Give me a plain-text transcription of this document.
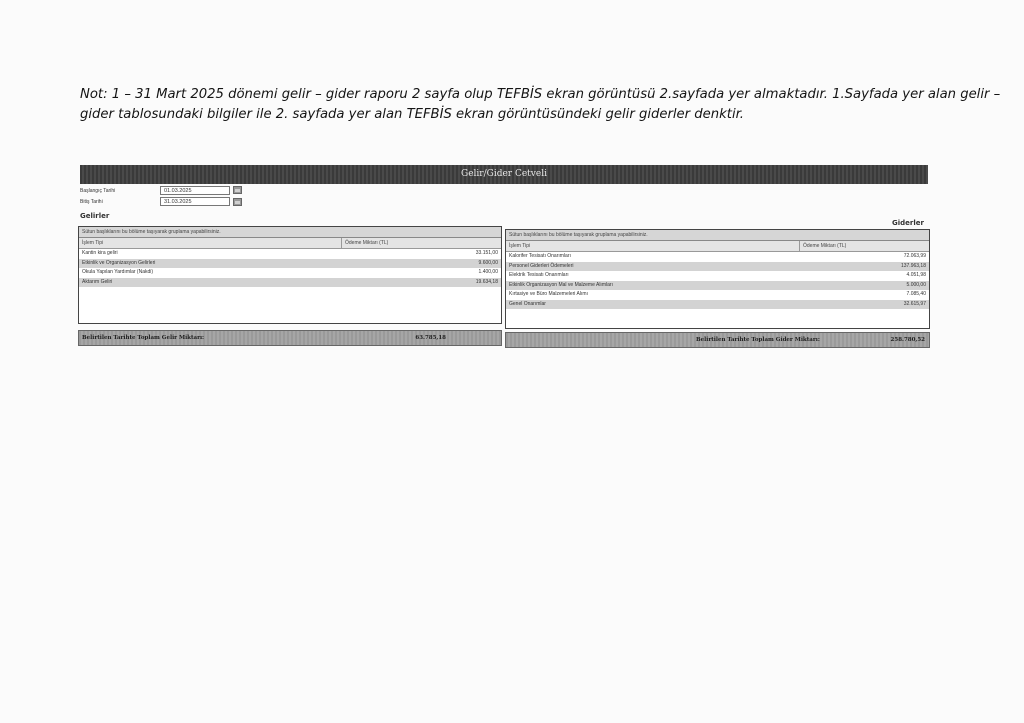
Not: 1 – 31 Mart 2025 dönemi gelir – gider raporu 2 sayfa olup TEFBİS ekran görüntüsü 2.sayfada yer almaktadır. 1.Sayfada yer alan gelir –
gider tablosundaki bilgiler ile 2. sayfada yer alan TEFBİS ekran görüntüsündeki gelir giderler denktir.
Gelir/Gider Cetveli
Başlangıç Tarihi	01.03.2025
Bitiş Tarihi	31.03.2025
Gelirler
Giderler
Sütun başlıklarını bu bölüme taşıyarak gruplama yapabilirsiniz.
İşlem Tipi	Ödeme Miktarı (TL)
Kantin kira geliri	33.151,00
Etkinlik ve Organizasyon Gelirleri	9.600,00
Okula Yapılan Yardımlar (Nakdi)	1.400,00
Aktarım Geliri	19.634,18
Belirtilen Tarihte Toplam Gelir Miktarı:	63.785,18
Sütun başlıklarını bu bölüme taşıyarak gruplama yapabilirsiniz.
İşlem Tipi	Ödeme Miktarı (TL)
Kalorifer Tesisatı Onarımları	72.063,99
Personel Giderleri Ödemeleri	137.963,18
Elektrik Tesisatı Onarımları	4.051,98
Etkinlik Organizasyon Mal ve Malzeme Alımları	5.000,00
Kırtasiye ve Büro Malzemeleri Alımı	7.085,40
Genel Onarımlar	32.615,97
Belirtilen Tarihte Toplam Gider Miktarı:	258.780,52
